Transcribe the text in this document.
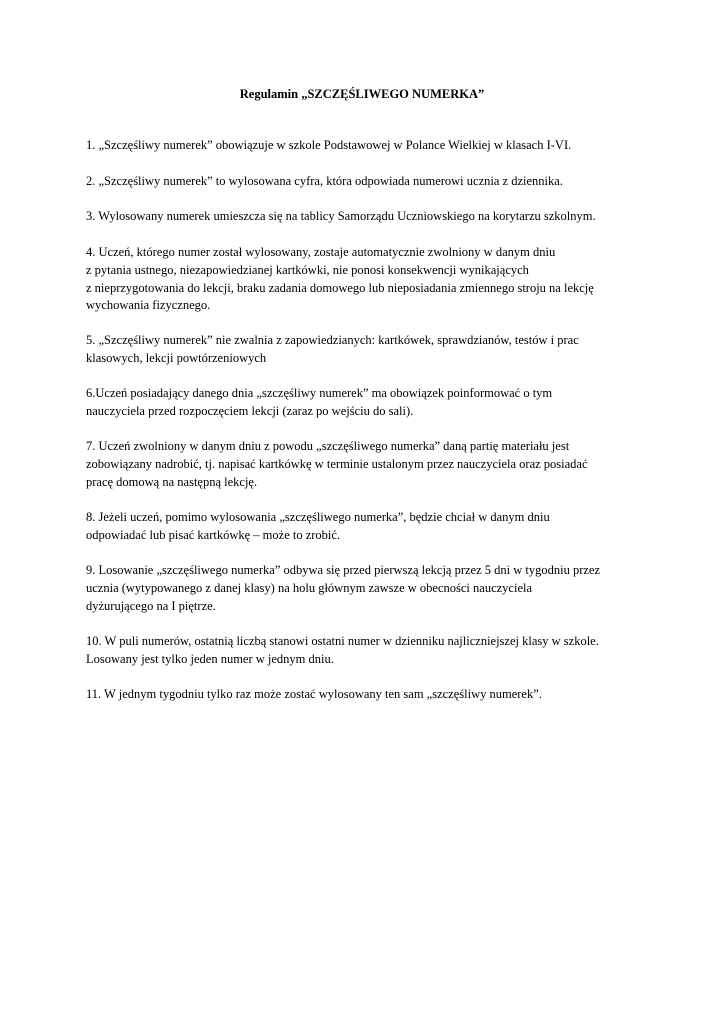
Regulamin „SZCZĘŚLIWEGO NUMERKA”

1. „Szczęśliwy numerek” obowiązuje w szkole Podstawowej w Polance Wielkiej w klasach I-VI.

2. „Szczęśliwy numerek” to wylosowana cyfra, która odpowiada numerowi ucznia z dziennika.

3. Wylosowany numerek umieszcza się na tablicy Samorządu Uczniowskiego na korytarzu szkolnym.

4. Uczeń, którego numer został wylosowany, zostaje automatycznie zwolniony w danym dniu
z pytania ustnego, niezapowiedzianej kartkówki, nie ponosi konsekwencji wynikających
z nieprzygotowania do lekcji, braku zadania domowego lub nieposiadania zmiennego stroju na lekcję
wychowania fizycznego.

5. „Szczęśliwy numerek” nie zwalnia z zapowiedzianych: kartkówek, sprawdzianów, testów i prac
klasowych, lekcji powtórzeniowych

6.Uczeń posiadający danego dnia „szczęśliwy numerek” ma obowiązek poinformować o tym
nauczyciela przed rozpoczęciem lekcji (zaraz po wejściu do sali).

7. Uczeń zwolniony w danym dniu z powodu „szczęśliwego numerka” daną partię materiału jest
zobowiązany nadrobić, tj. napisać kartkówkę w terminie ustalonym przez nauczyciela oraz posiadać
pracę domową na następną lekcję.

8. Jeżeli uczeń, pomimo wylosowania „szczęśliwego numerka”, będzie chciał w danym dniu
odpowiadać lub pisać kartkówkę – może to zrobić.

9. Losowanie „szczęśliwego numerka” odbywa się przed pierwszą lekcją przez 5 dni w tygodniu przez
ucznia (wytypowanego z danej klasy) na holu głównym zawsze w obecności nauczyciela
dyżurującego na I piętrze.

10. W puli numerów, ostatnią liczbą stanowi ostatni numer w dzienniku najliczniejszej klasy w szkole.
Losowany jest tylko jeden numer w jednym dniu.

11. W jednym tygodniu tylko raz może zostać wylosowany ten sam „szczęśliwy numerek”.
